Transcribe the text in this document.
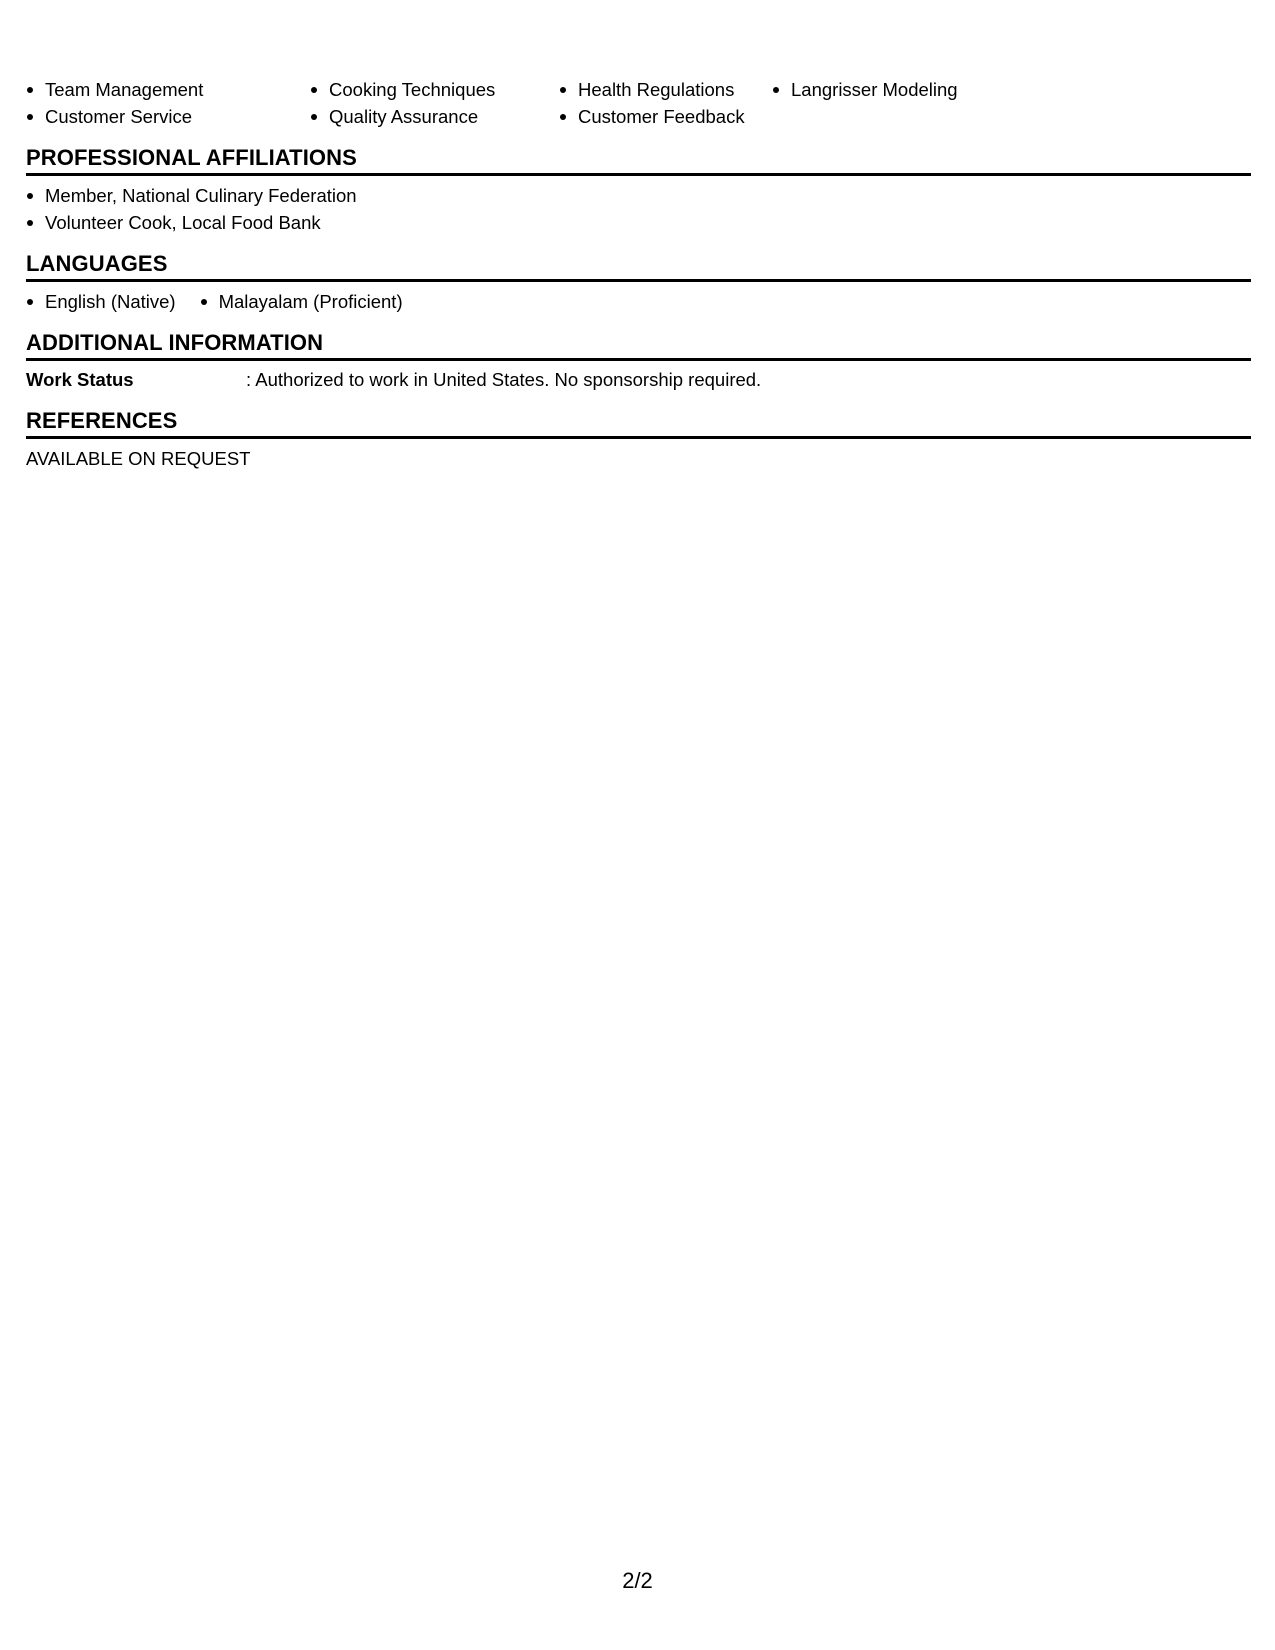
Team Management
Customer Service
Cooking Techniques
Quality Assurance
Health Regulations
Customer Feedback
Langrisser Modeling
PROFESSIONAL AFFILIATIONS
Member, National Culinary Federation
Volunteer Cook, Local Food Bank
LANGUAGES
English (Native)	Malayalam (Proficient)
ADDITIONAL INFORMATION
Work Status	: Authorized to work in United States. No sponsorship required.
REFERENCES
AVAILABLE ON REQUEST
2/2
